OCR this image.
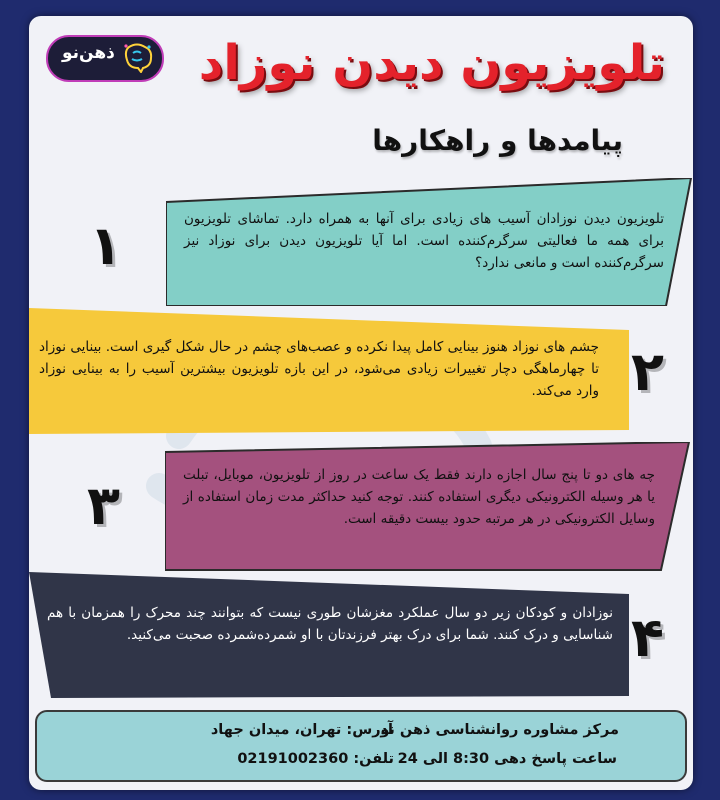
ذهن‌نو تلویزیون دیدن نوزاد
پیامدها و راهکارها

تلویزیون دیدن نوزادان آسیب های زیادی برای آنها به همراه دارد. تماشای تلویزیون برای همه ما فعالیتی سرگرم‌کننده است. اما آیا تلویزیون دیدن برای نوزاد نیز سرگرم‌کننده است و مانعی ندارد؟

۱

چشم های نوزاد هنوز بینایی کامل پیدا نکرده و عصب‌های چشم در حال شکل گیری است. بینایی نوزاد تا چهارماهگی دچار تغییرات زیادی می‌شود، در این بازه تلویزیون بیشترین آسیب را به بینایی نوزاد وارد می‌کند. ۲

چه های دو تا پنج سال اجازه دارند فقط یک ساعت در روز از تلویزیون، موبایل، تبلت یا هر وسیله الکترونیکی دیگری استفاده کنند. توجه کنید حداکثر مدت زمان استفاده از وسایل الکترونیکی در هر مرتبه حدود بیست دقیقه است.

۳

نوزادان و کودکان زیر دو سال عملکرد مغزشان طوری نیست که بتوانند چند محرک را همزمان با هم شناسایی و درک کنند. شما برای درک بهتر فرزندتان با او شمرده‌شمرده صحبت می‌کنید. ۴
مرکز مشاوره روانشناسی ذهن نو
ساعت پاسخ دهی 8:30 الی 24
آدرس: تهران، میدان جهاد
تلفن: 02191002360
